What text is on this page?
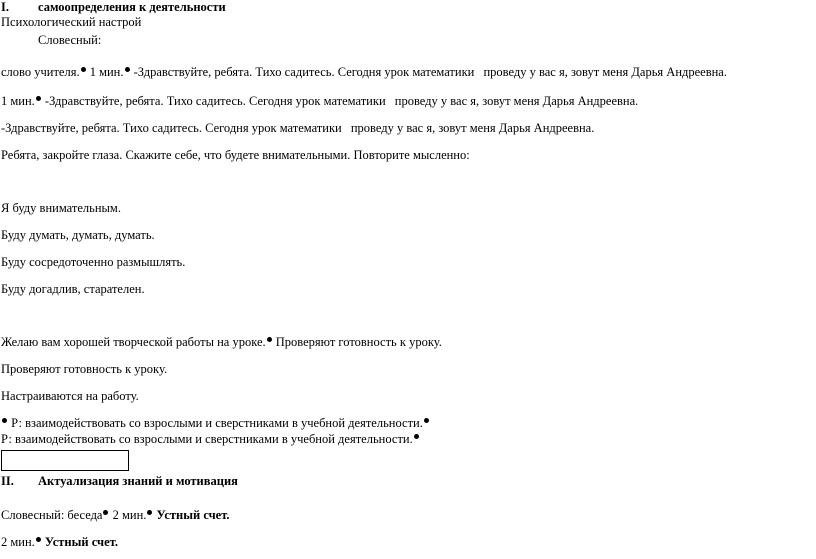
I. самоопределения к деятельности
Психологический настрой
Словесный:
слово учителя. 1 мин. -Здравствуйте, ребята. Тихо садитесь. Сегодня урок математики проведу у вас я, зовут меня Дарья Андреевна.
1 мин. -Здравствуйте, ребята. Тихо садитесь. Сегодня урок математики проведу у вас я, зовут меня Дарья Андреевна.
-Здравствуйте, ребята. Тихо садитесь. Сегодня урок математики проведу у вас я, зовут меня Дарья Андреевна.
Ребята, закройте глаза. Скажите себе, что будете внимательными. Повторите мысленно:
Я буду внимательным.
Буду думать, думать, думать.
Буду сосредоточенно размышлять.
Буду догадлив, старателен.
Желаю вам хорошей творческой работы на уроке. Проверяют готовность к уроку.
Проверяют готовность к уроку.
Настраиваются на работу.
Р: взаимодействовать со взрослыми и сверстниками в учебной деятельности.
Р: взаимодействовать со взрослыми и сверстниками в учебной деятельности.
II. Актуализация знаний и мотивация
Словесный: беседа 2 мин. Устный счет.
2 мин. Устный счет.
